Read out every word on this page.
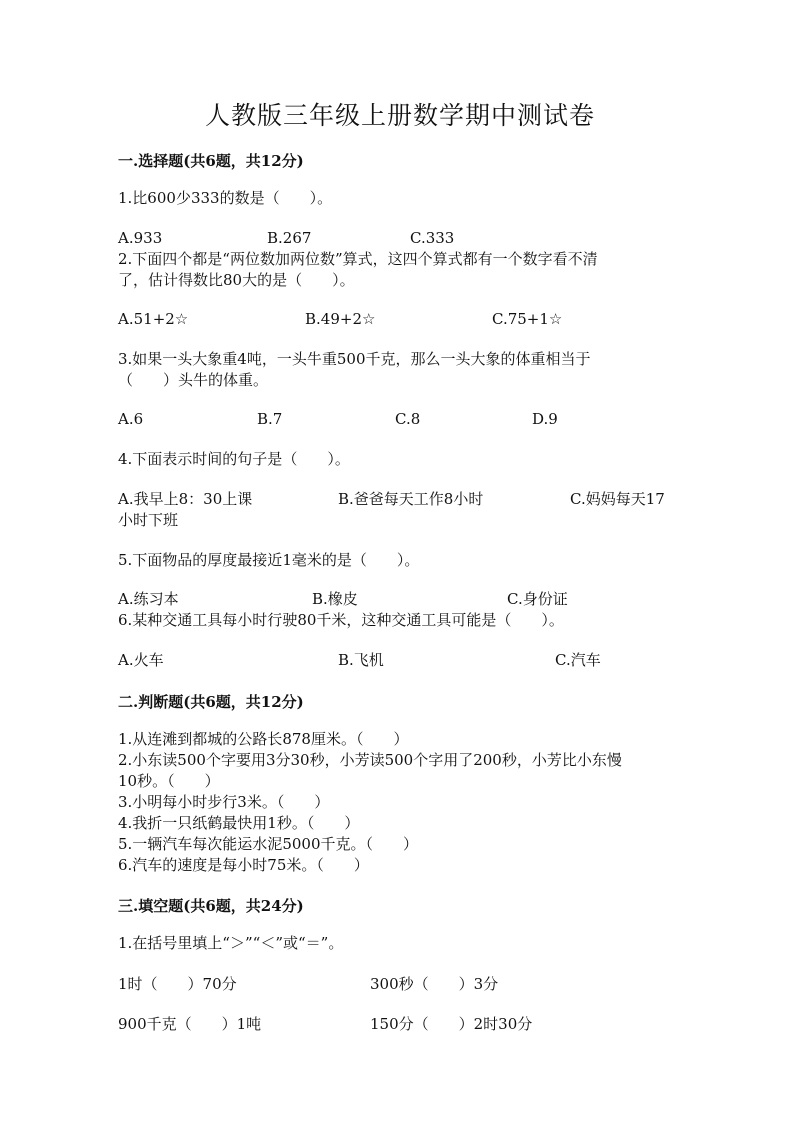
人教版三年级上册数学期中测试卷

一.选择题(共6题，共12分)

1.比600少333的数是（　　）。

A.933	B.267	C.333

2.下面四个都是“两位数加两位数”算式，这四个算式都有一个数字看不清

了，估计得数比80大的是（　　）。

A.51+2☆	B.49+2☆	C.75+1☆

3.如果一头大象重4吨，一头牛重500千克，那么一头大象的体重相当于

（　　）头牛的体重。

A.6	B.7	C.8	D.9

4.下面表示时间的句子是（　　）。

A.我早上8：30上课	B.爸爸每天工作8小时	C.妈妈每天17

小时下班

5.下面物品的厚度最接近1毫米的是（　　）。

A.练习本	B.橡皮	C.身份证

6.某种交通工具每小时行驶80千米，这种交通工具可能是（　　）。

A.火车	B.飞机	C.汽车

二.判断题(共6题，共12分)

1.从连滩到都城的公路长878厘米。（　　）

2.小东读500个字要用3分30秒，小芳读500个字用了200秒，小芳比小东慢

10秒。（　　）

3.小明每小时步行3米。（　　）

4.我折一只纸鹤最快用1秒。（　　）

5.一辆汽车每次能运水泥5000千克。（　　）

6.汽车的速度是每小时75米。（　　）

三.填空题(共6题，共24分)

1.在括号里填上“＞”“＜”或“＝”。

1时（　　）70分	300秒（　　）3分

900千克（　　）1吨	150分（　　）2时30分
